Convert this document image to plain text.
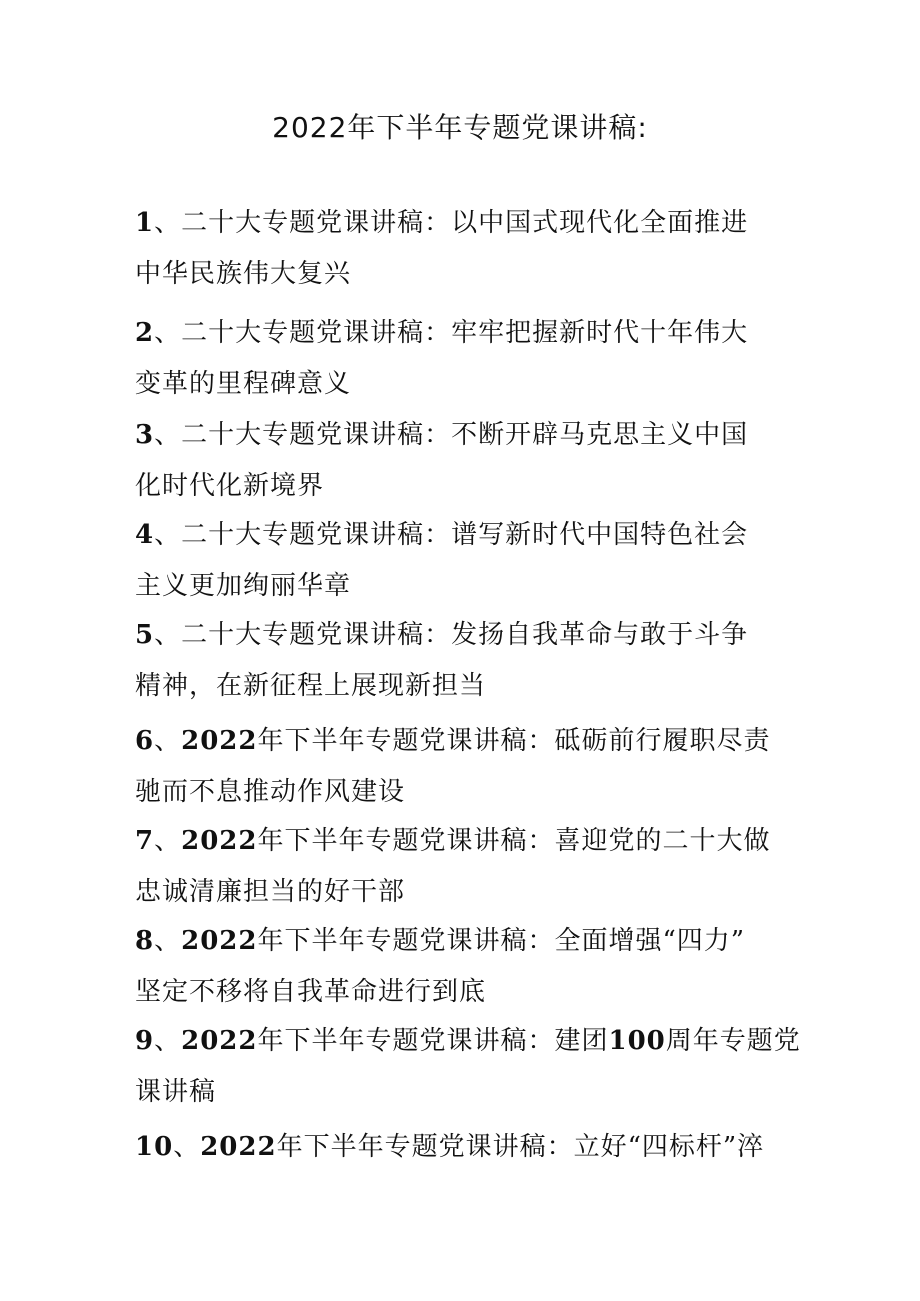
2022年下半年专题党课讲稿:
1、二十大专题党课讲稿：以中国式现代化全面推进
中华民族伟大复兴
2、二十大专题党课讲稿：牢牢把握新时代十年伟大
变革的里程碑意义
3、二十大专题党课讲稿：不断开辟马克思主义中国
化时代化新境界
4、二十大专题党课讲稿：谱写新时代中国特色社会
主义更加绚丽华章
5、二十大专题党课讲稿：发扬自我革命与敢于斗争
精神，在新征程上展现新担当
6、2022年下半年专题党课讲稿：砥砺前行履职尽责
驰而不息推动作风建设
7、2022年下半年专题党课讲稿：喜迎党的二十大做
忠诚清廉担当的好干部
8、2022年下半年专题党课讲稿：全面增强“四力”
坚定不移将自我革命进行到底
9、2022年下半年专题党课讲稿：建团100周年专题党
课讲稿
10、2022年下半年专题党课讲稿：立好“四标杆”淬
